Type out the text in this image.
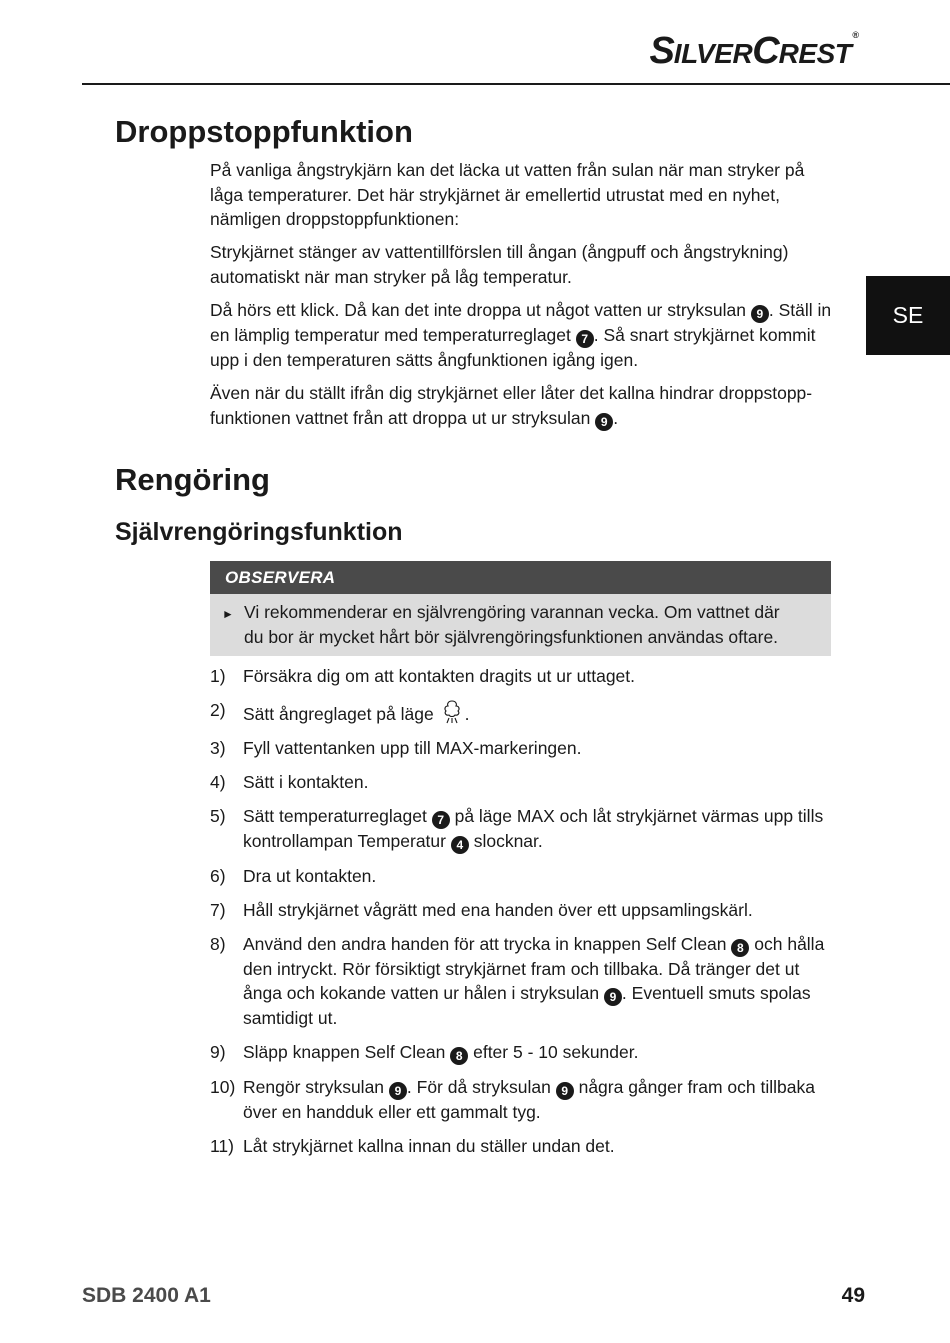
SILVERCREST®
SE
Droppstoppfunktion

På vanliga ångstrykjärn kan det läcka ut vatten från sulan när man stryker på låga temperaturer. Det här strykjärnet är emellertid utrustat med en nyhet, nämligen droppstoppfunktionen:

Strykjärnet stänger av vattentillförslen till ångan (ångpuff och ångstrykning) automatiskt när man stryker på låg temperatur.

Då hörs ett klick. Då kan det inte droppa ut något vatten ur stryksulan 9 . Ställ in en lämplig temperatur med temperaturreglaget 7 . Så snart strykjärnet kommit upp i den temperaturen sätts ångfunktionen igång igen.

Även när du ställt ifrån dig strykjärnet eller låter det kallna hindrar droppstopp-funktionen vattnet från att droppa ut ur stryksulan 9 .

Rengöring
Självrengöringsfunktion
OBSERVERA
► Vi rekommenderar en självrengöring varannan vecka. Om vattnet där du bor är mycket hårt bör självrengöringsfunktionen användas oftare.
1) Försäkra dig om att kontakten dragits ut ur uttaget.
2) Sätt ångreglaget på läge .
3) Fyll vattentanken upp till MAX-markeringen.
4) Sätt i kontakten.
5) Sätt temperaturreglaget 7 på läge MAX och låt strykjärnet värmas upp tills kontrollampan Temperatur 4 slocknar.
6) Dra ut kontakten.
7) Håll strykjärnet vågrätt med ena handen över ett uppsamlingskärl.
8) Använd den andra handen för att trycka in knappen Self Clean 8 och hålla den intryckt. Rör försiktigt strykjärnet fram och tillbaka. Då tränger det ut ånga och kokande vatten ur hålen i stryksulan 9 . Eventuell smuts spolas samtidigt ut.
9) Släpp knappen Self Clean 8 efter 5 - 10 sekunder.
10) Rengör stryksulan 9 . För då stryksulan 9 några gånger fram och tillbaka över en handduk eller ett gammalt tyg.
11) Låt strykjärnet kallna innan du ställer undan det.
SDB 2400 A1	49
